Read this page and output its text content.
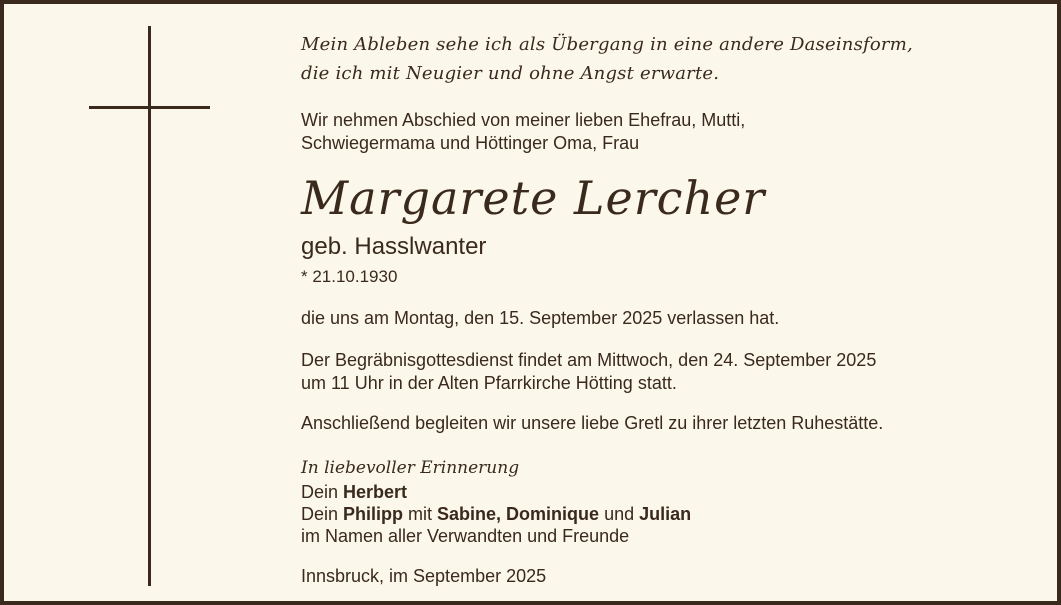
Mein Ableben sehe ich als Übergang in eine andere Daseinsform,
die ich mit Neugier und ohne Angst erwarte.
Wir nehmen Abschied von meiner lieben Ehefrau, Mutti,
Schwiegermama und Höttinger Oma, Frau
Margarete Lercher
geb. Hasslwanter
* 21.10.1930
die uns am Montag, den 15. September 2025 verlassen hat.
Der Begräbnisgottesdienst findet am Mittwoch, den 24. September 2025
um 11 Uhr in der Alten Pfarrkirche Hötting statt.
Anschließend begleiten wir unsere liebe Gretl zu ihrer letzten Ruhestätte.
In liebevoller Erinnerung
Dein Herbert
Dein Philipp mit Sabine, Dominique und Julian
im Namen aller Verwandten und Freunde
Innsbruck, im September 2025
